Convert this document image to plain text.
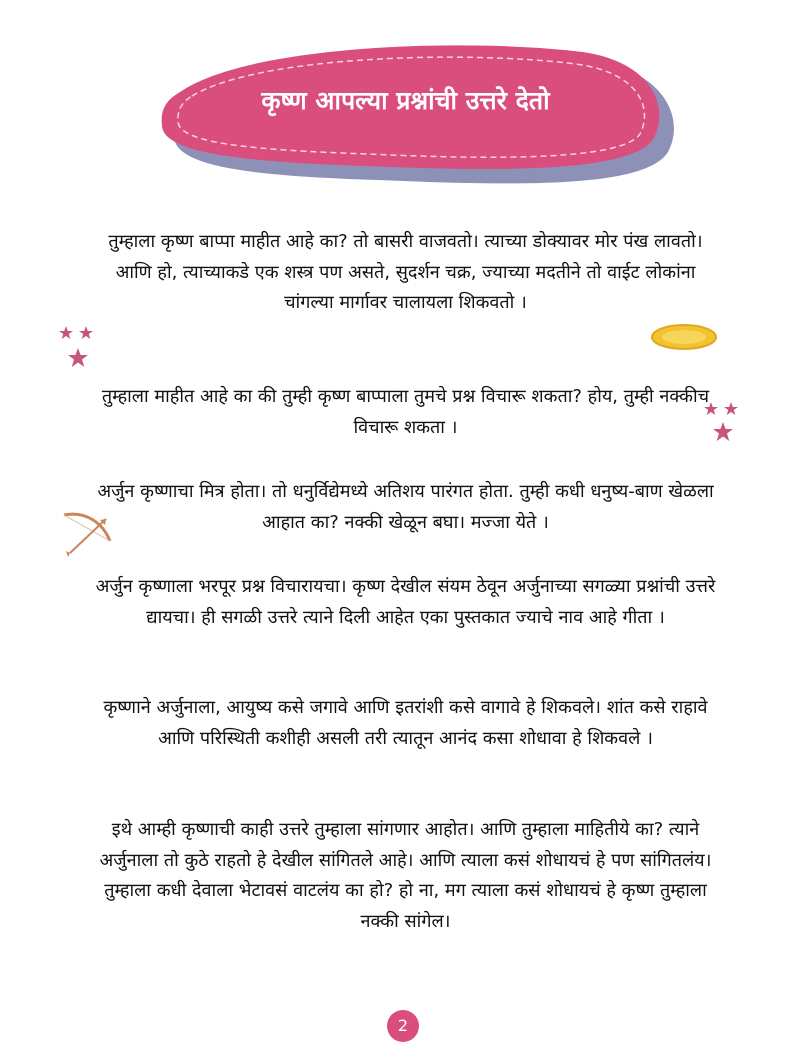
कृष्ण आपल्या प्रश्नांची उत्तरे देतो

तुम्हाला कृष्ण बाप्पा माहीत आहे का? तो बासरी वाजवतो। त्याच्या डोक्यावर मोर पंख लावतो। आणि हो, त्याच्याकडे एक शस्त्र पण असते, सुदर्शन चक्र, ज्याच्या मदतीने तो वाईट लोकांना चांगल्या मार्गावर चालायला शिकवतो ।

तुम्हाला माहीत आहे का की तुम्ही कृष्ण बाप्पाला तुमचे प्रश्न विचारू शकता? होय, तुम्ही नक्कीच विचारू शकता ।

अर्जुन कृष्णाचा मित्र होता। तो धनुर्विद्येमध्ये अतिशय पारंगत होता. तुम्ही कधी धनुष्य-बाण खेळला आहात का? नक्की खेळून बघा। मज्जा येते ।

अर्जुन कृष्णाला भरपूर प्रश्न विचारायचा। कृष्ण देखील संयम ठेवून अर्जुनाच्या सगळ्या प्रश्नांची उत्तरे द्यायचा। ही सगळी उत्तरे त्याने दिली आहेत एका पुस्तकात ज्याचे नाव आहे गीता ।

कृष्णाने अर्जुनाला, आयुष्य कसे जगावे आणि इतरांशी कसे वागावे हे शिकवले। शांत कसे राहावे आणि परिस्थिती कशीही असली तरी त्यातून आनंद कसा शोधावा हे शिकवले ।

इथे आम्ही कृष्णाची काही उत्तरे तुम्हाला सांगणार आहोत। आणि तुम्हाला माहितीये का? त्याने अर्जुनाला तो कुठे राहतो हे देखील सांगितले आहे। आणि त्याला कसं शोधायचं हे पण सांगितलंय। तुम्हाला कधी देवाला भेटावसं वाटलंय का हो? हो ना, मग त्याला कसं शोधायचं हे कृष्ण तुम्हाला नक्की सांगेल।

2
